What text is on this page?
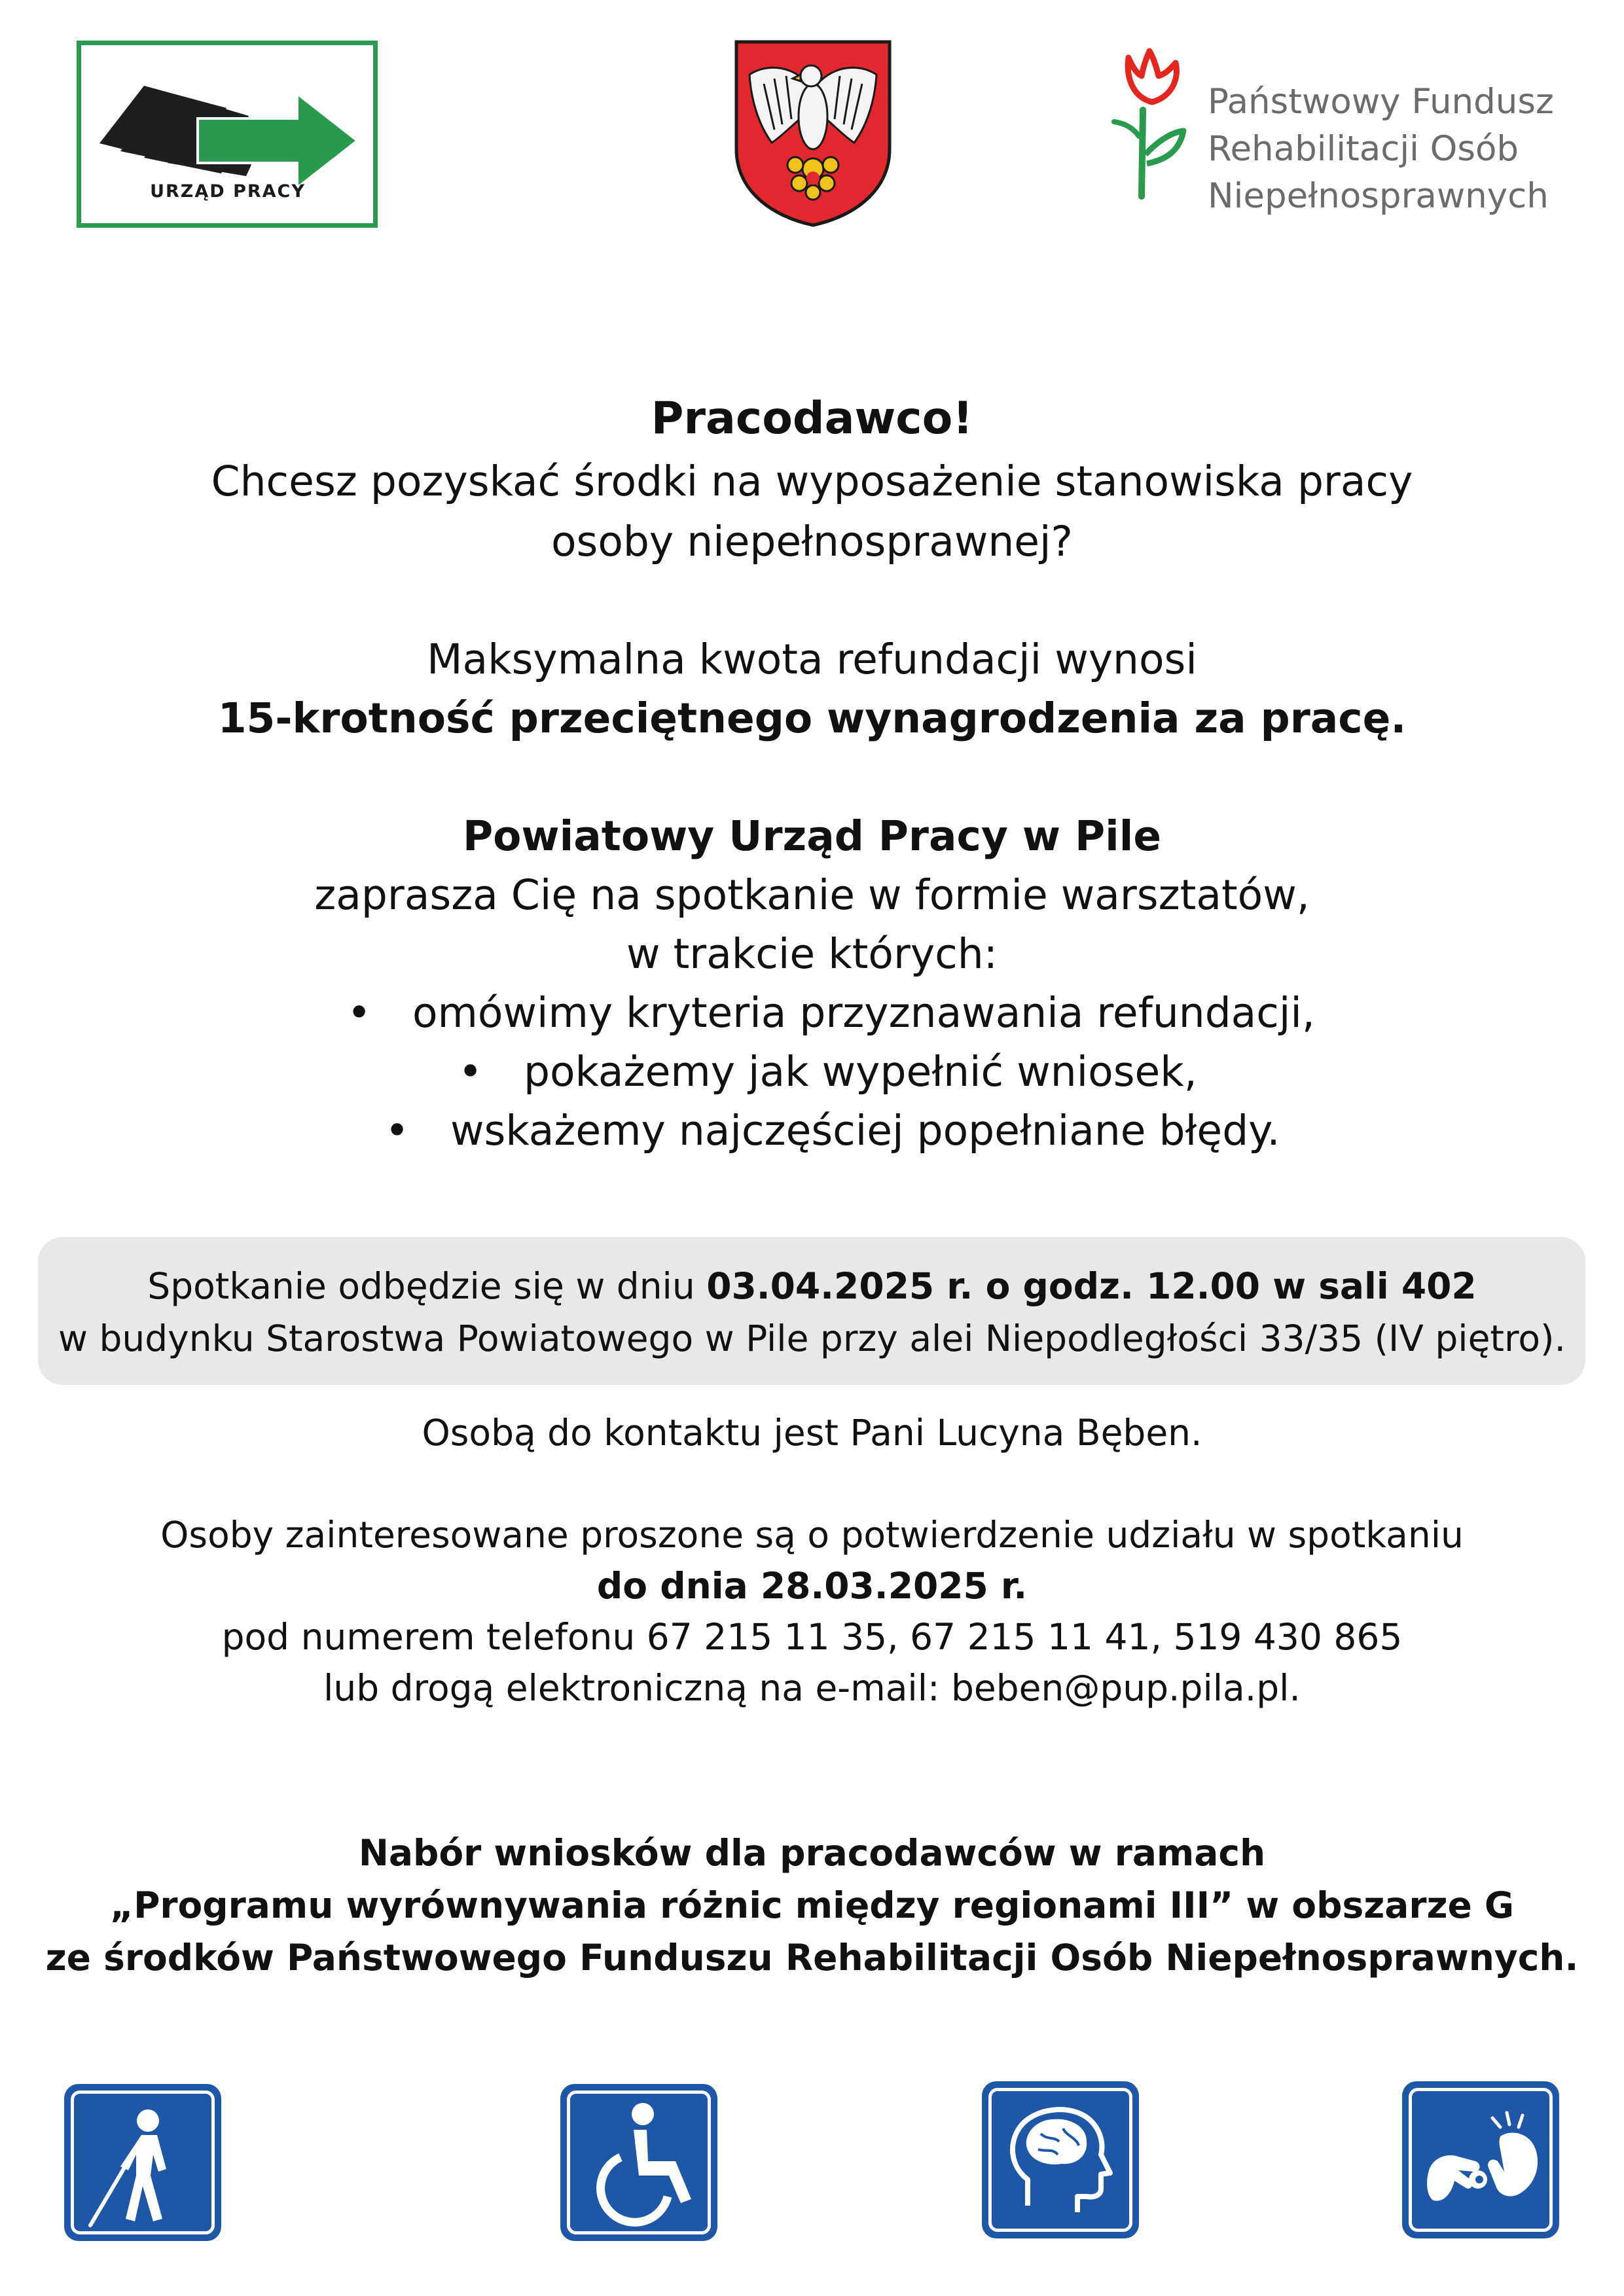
URZĄD PRACY
Państwowy Fundusz
Rehabilitacji Osób
Niepełnosprawnych
Pracodawco!
Chcesz pozyskać środki na wyposażenie stanowiska pracy
osoby niepełnosprawnej?
Maksymalna kwota refundacji wynosi
15-krotność przeciętnego wynagrodzenia za pracę.
Powiatowy Urząd Pracy w Pile
zaprasza Cię na spotkanie w formie warsztatów,
w trakcie których:
• omówimy kryteria przyznawania refundacji,
• pokażemy jak wypełnić wniosek,
• wskażemy najczęściej popełniane błędy.
Spotkanie odbędzie się w dniu 03.04.2025 r. o godz. 12.00 w sali 402
w budynku Starostwa Powiatowego w Pile przy alei Niepodległości 33/35 (IV piętro).
Osobą do kontaktu jest Pani Lucyna Bęben.
Osoby zainteresowane proszone są o potwierdzenie udziału w spotkaniu
do dnia 28.03.2025 r.
pod numerem telefonu 67 215 11 35, 67 215 11 41, 519 430 865
lub drogą elektroniczną na e-mail: beben@pup.pila.pl.
Nabór wniosków dla pracodawców w ramach
„Programu wyrównywania różnic między regionami III” w obszarze G
ze środków Państwowego Funduszu Rehabilitacji Osób Niepełnosprawnych.
